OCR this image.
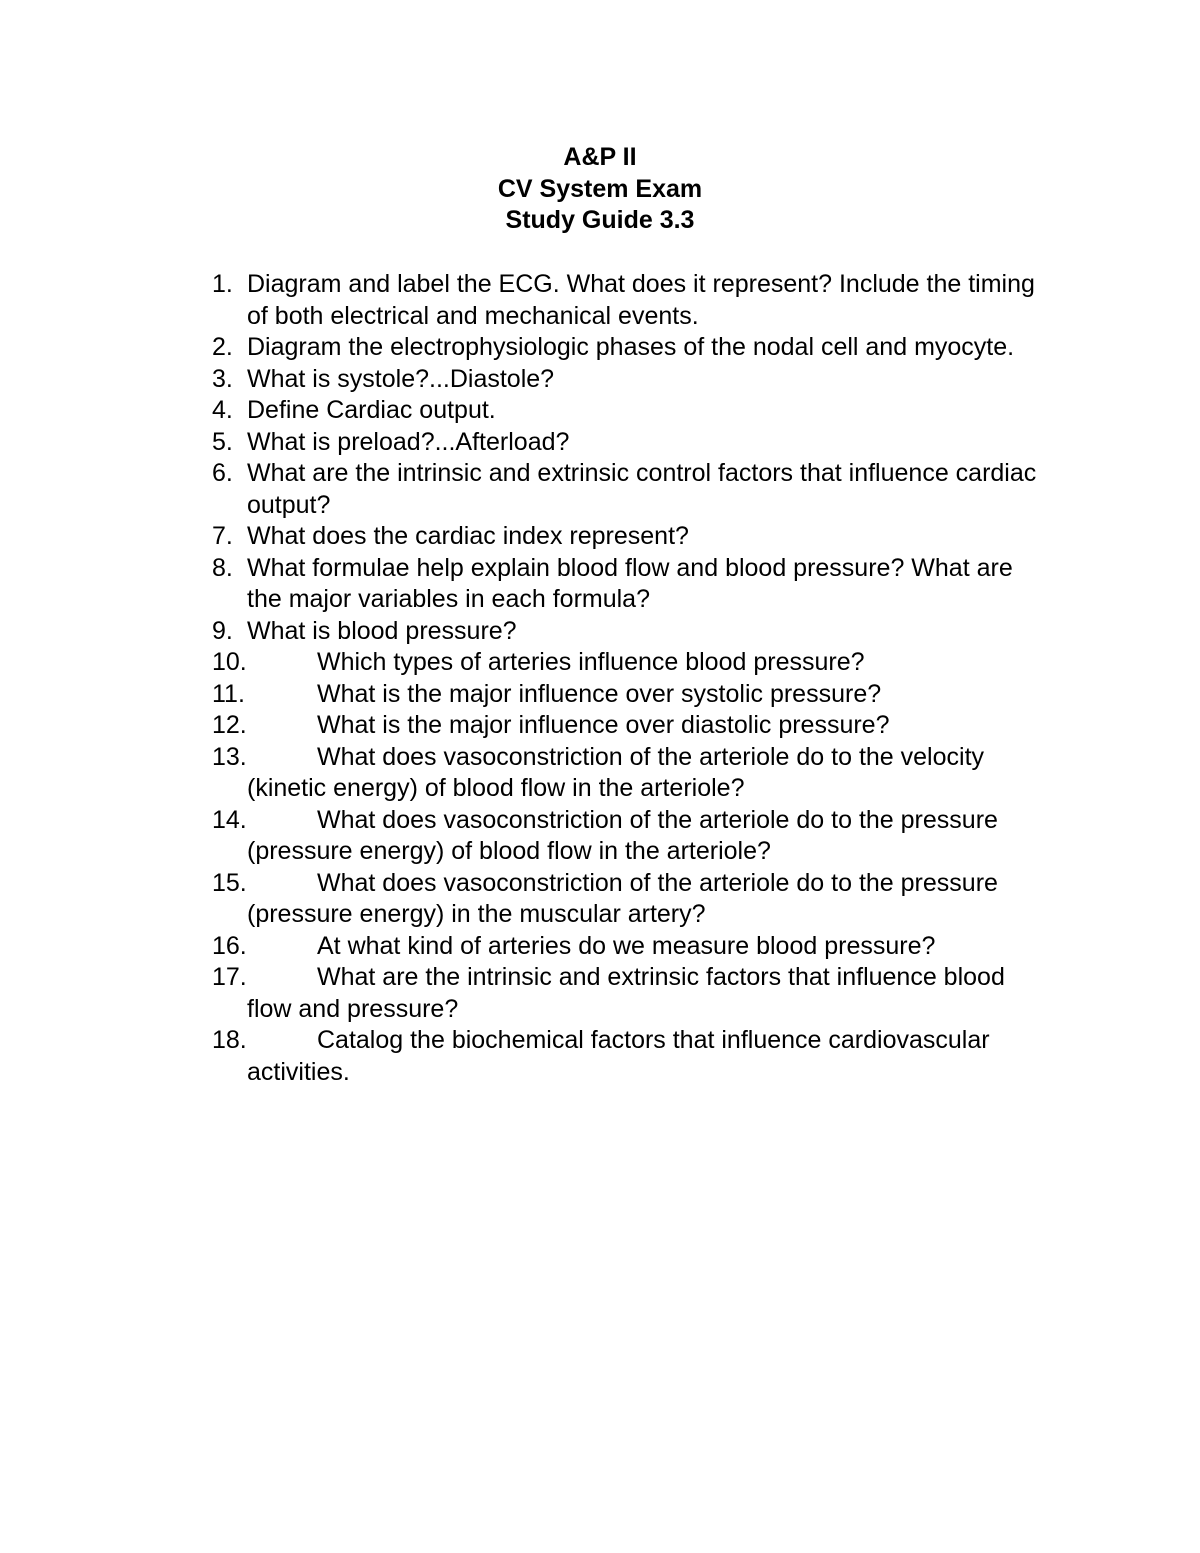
A&P II
CV System Exam
Study Guide 3.3
1. Diagram and label the ECG. What does it represent? Include the timing of both electrical and mechanical events.
2. Diagram the electrophysiologic phases of the nodal cell and myocyte.
3. What is systole?...Diastole?
4. Define Cardiac output.
5. What is preload?...Afterload?
6. What are the intrinsic and extrinsic control factors that influence cardiac output?
7. What does the cardiac index represent?
8. What formulae help explain blood flow and blood pressure? What are the major variables in each formula?
9. What is blood pressure?
10.	Which types of arteries influence blood pressure?
11.	What is the major influence over systolic pressure?
12.	What is the major influence over diastolic pressure?
13.	What does vasoconstriction of the arteriole do to the velocity (kinetic energy) of blood flow in the arteriole?
14.	What does vasoconstriction of the arteriole do to the pressure (pressure energy) of blood flow in the arteriole?
15.	What does vasoconstriction of the arteriole do to the pressure (pressure energy) in the muscular artery?
16.	At what kind of arteries do we measure blood pressure?
17.	What are the intrinsic and extrinsic factors that influence blood flow and pressure?
18.	Catalog the biochemical factors that influence cardiovascular activities.
